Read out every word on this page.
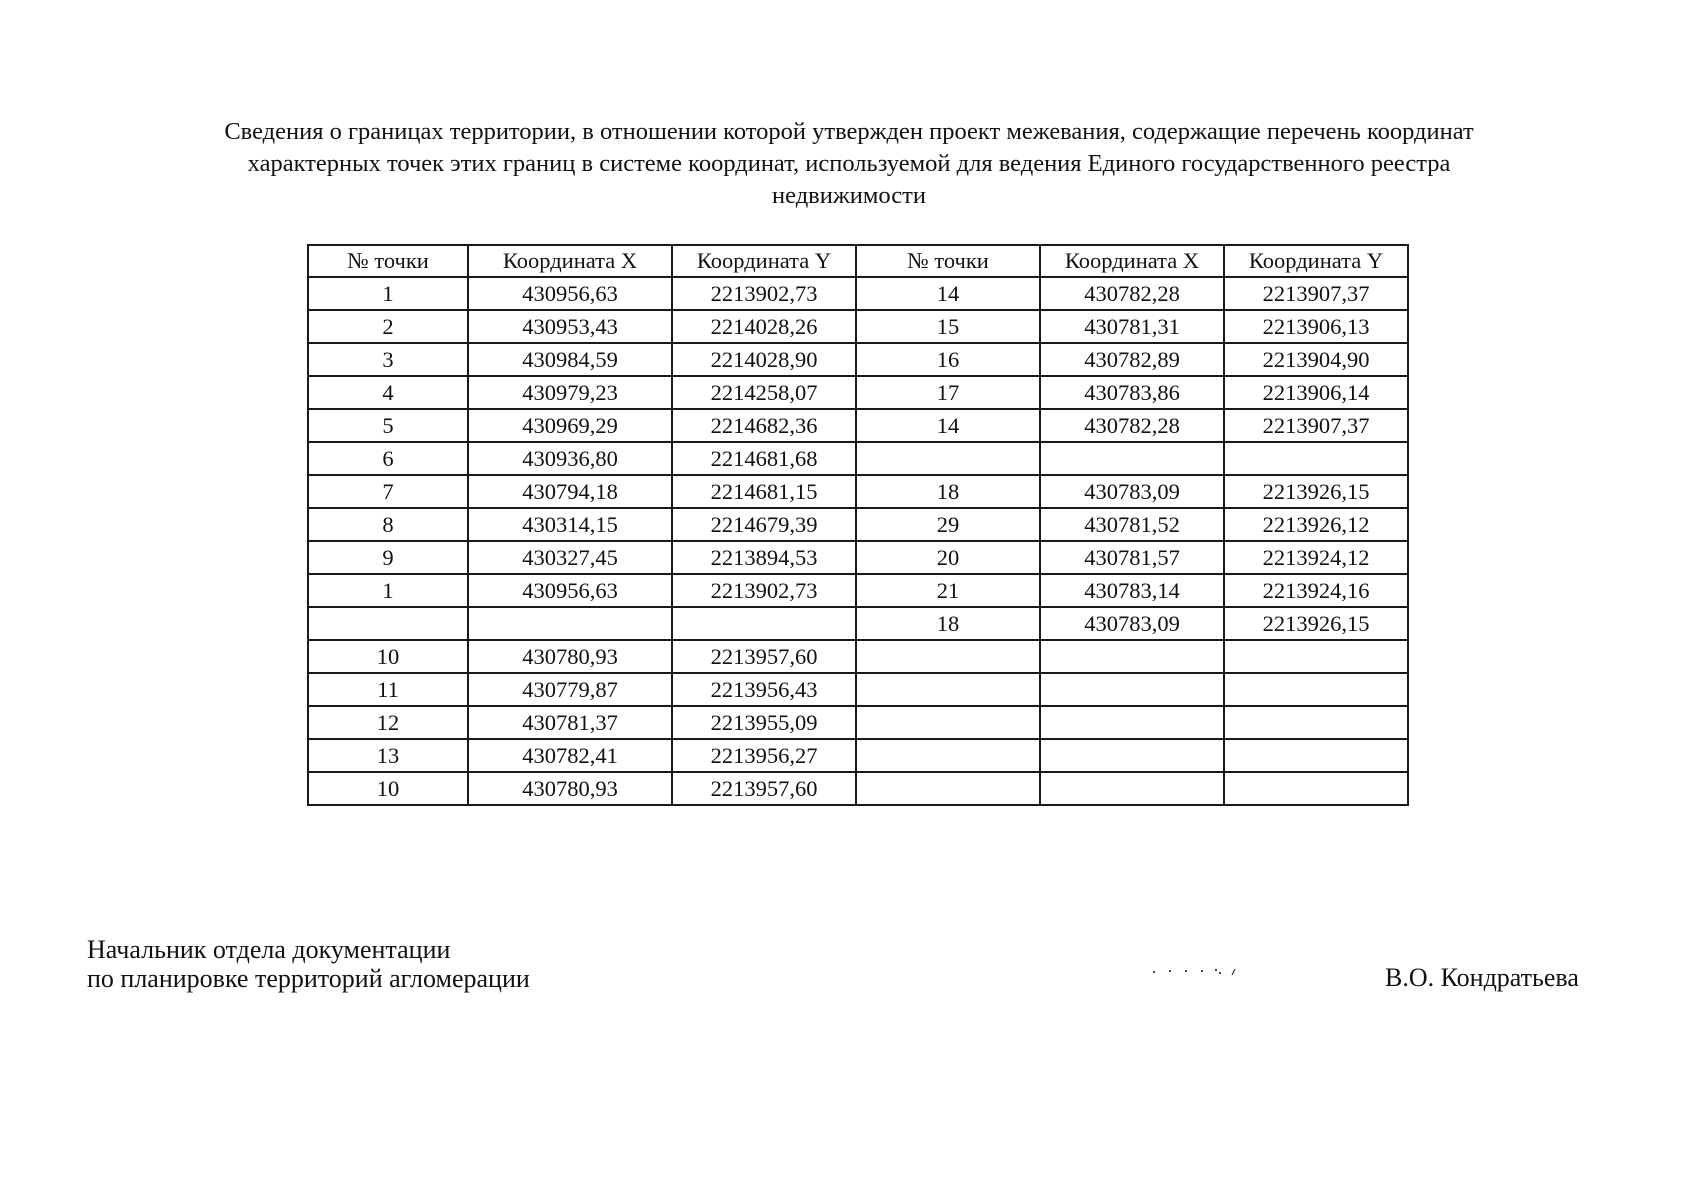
Сведения о границах территории, в отношении которой утвержден проект межевания, содержащие перечень координат
характерных точек этих границ в системе координат, используемой для ведения Единого государственного реестра
недвижимости
№ точки	Координата X	Координата Y	№ точки	Координата X	Координата Y
1	430956,63	2213902,73	14	430782,28	2213907,37
2	430953,43	2214028,26	15	430781,31	2213906,13
3	430984,59	2214028,90	16	430782,89	2213904,90
4	430979,23	2214258,07	17	430783,86	2213906,14
5	430969,29	2214682,36	14	430782,28	2213907,37
6	430936,80	2214681,68			
7	430794,18	2214681,15	18	430783,09	2213926,15
8	430314,15	2214679,39	29	430781,52	2213926,12
9	430327,45	2213894,53	20	430781,57	2213924,12
1	430956,63	2213902,73	21	430783,14	2213924,16
			18	430783,09	2213926,15
10	430780,93	2213957,60			
11	430779,87	2213956,43			
12	430781,37	2213955,09			
13	430782,41	2213956,27			
10	430780,93	2213957,60			
Начальник отдела документации
по планировке территорий агломерации	В.О. Кондратьева
